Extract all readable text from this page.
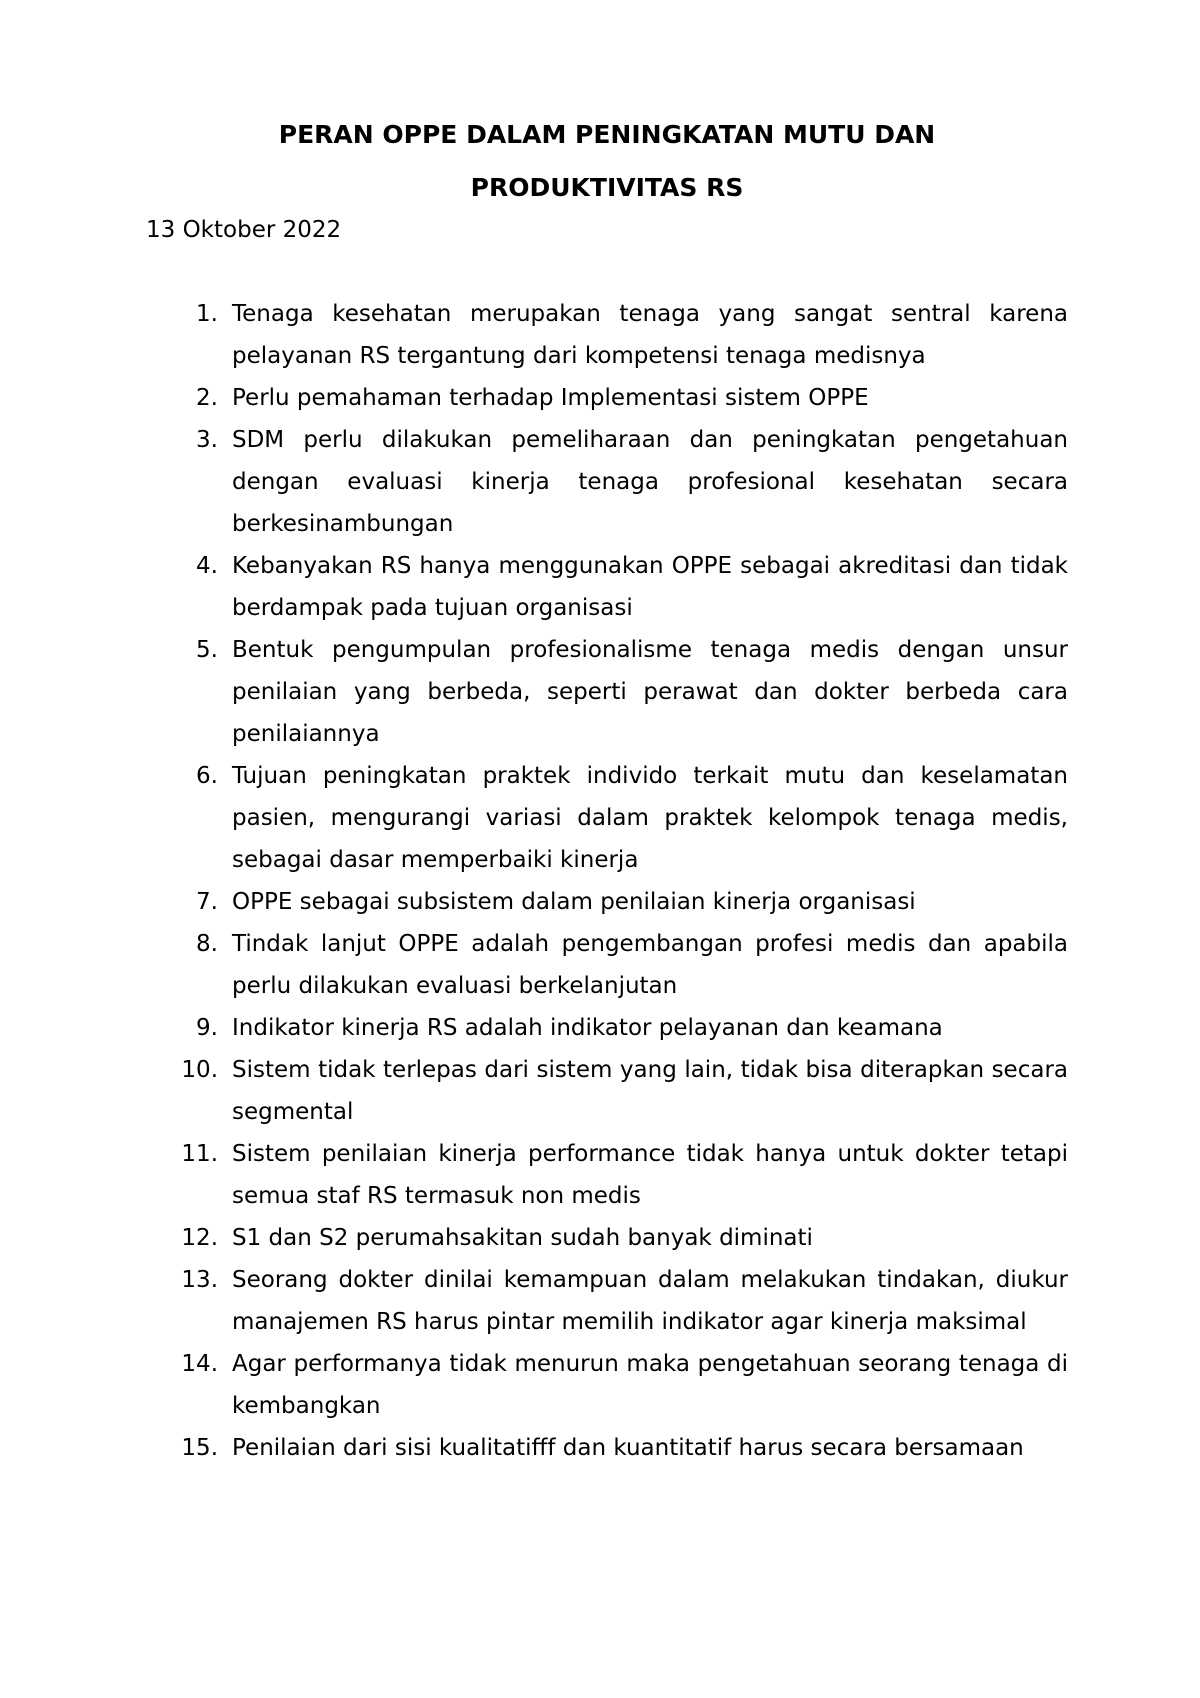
PERAN OPPE DALAM PENINGKATAN MUTU DAN
PRODUKTIVITAS RS

13 Oktober 2022

1. Tenaga kesehatan merupakan tenaga yang sangat sentral karena pelayanan RS tergantung dari kompetensi tenaga medisnya
2. Perlu pemahaman terhadap Implementasi sistem OPPE
3. SDM perlu dilakukan pemeliharaan dan peningkatan pengetahuan dengan evaluasi kinerja tenaga profesional kesehatan secara berkesinambungan
4. Kebanyakan RS hanya menggunakan OPPE sebagai akreditasi dan tidak berdampak pada tujuan organisasi
5. Bentuk pengumpulan profesionalisme tenaga medis dengan unsur penilaian yang berbeda, seperti perawat dan dokter berbeda cara penilaiannya
6. Tujuan peningkatan praktek individo terkait mutu dan keselamatan pasien, mengurangi variasi dalam praktek kelompok tenaga medis, sebagai dasar memperbaiki kinerja
7. OPPE sebagai subsistem dalam penilaian kinerja organisasi
8. Tindak lanjut OPPE adalah pengembangan profesi medis dan apabila perlu dilakukan evaluasi berkelanjutan
9. Indikator kinerja RS adalah indikator pelayanan dan keamana
10. Sistem tidak terlepas dari sistem yang lain, tidak bisa diterapkan secara segmental
11. Sistem penilaian kinerja performance tidak hanya untuk dokter tetapi semua staf RS termasuk non medis
12. S1 dan S2 perumahsakitan sudah banyak diminati
13. Seorang dokter dinilai kemampuan dalam melakukan tindakan, diukur manajemen RS harus pintar memilih indikator agar kinerja maksimal
14. Agar performanya tidak menurun maka pengetahuan seorang tenaga di kembangkan
15. Penilaian dari sisi kualitatifff dan kuantitatif harus secara bersamaan
